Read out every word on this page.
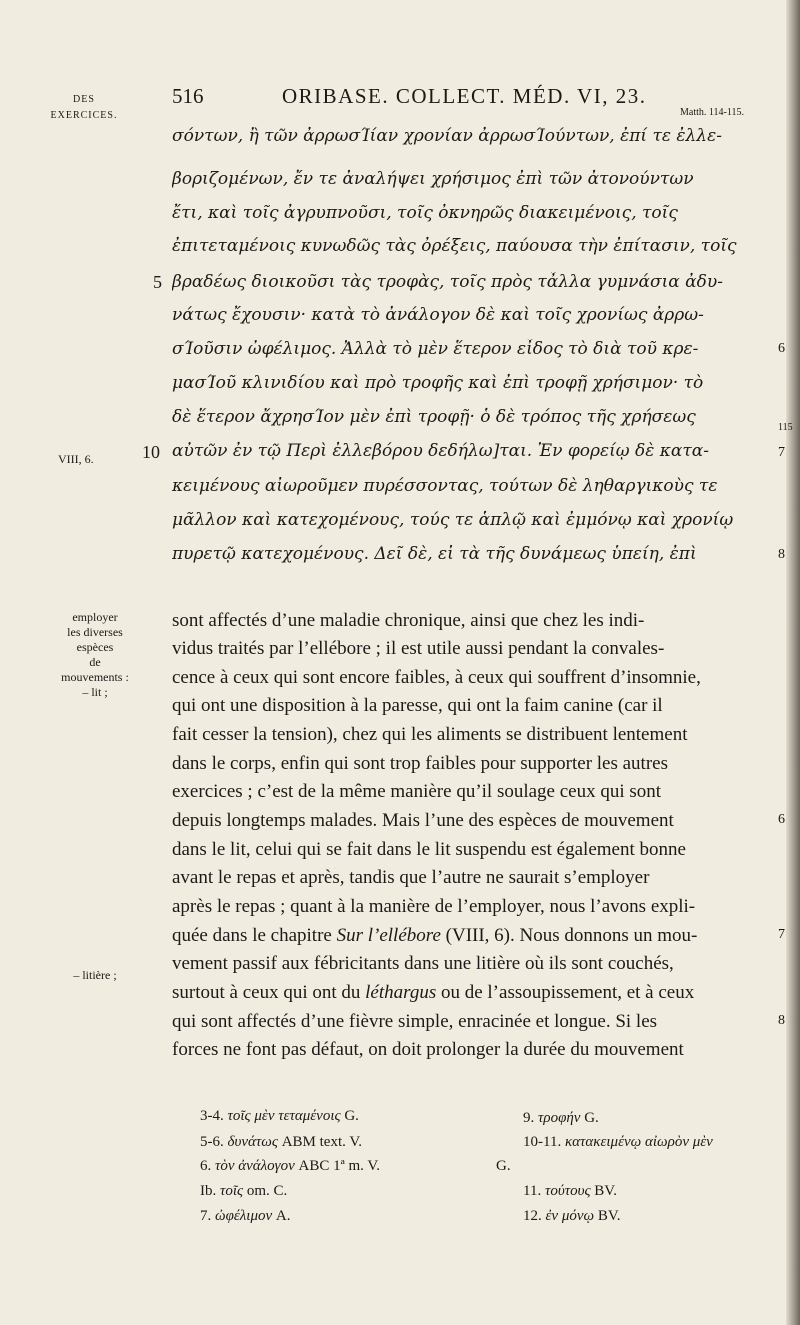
DES
EXERCICES.
516	ORIBASE. COLLECT. MÉD. VI, 23.
Matth. 114-115.
σόντων, ἢ τῶν ἀρρωσΊίαν χρονίαν ἀρρωσΊούντων, ἐπί τε ἐλλε-
βοριζομένων, ἔν τε ἀναλήψει χρήσιμος ἐπὶ τῶν ἀτονούντων
ἔτι, καὶ τοῖς ἀγρυπνοῦσι, τοῖς ὀκνηρῶς διακειμένοις, τοῖς
ἐπιτεταμένοις κυνωδῶς τὰς ὀρέξεις, παύουσα τὴν ἐπίτασιν, τοῖς
βραδέως διοικοῦσι τὰς τροφὰς, τοῖς πρὸς τἆλλα γυμνάσια ἀδυ-
νάτως ἔχουσιν· κατὰ τὸ ἀνάλογον δὲ καὶ τοῖς χρονίως ἀρρω-
σΊοῦσιν ὠφέλιμος. Ἀλλὰ τὸ μὲν ἕτερον εἶδος τὸ διὰ τοῦ κρε-
μασΊοῦ κλινιδίου καὶ πρὸ τροφῆς καὶ ἐπὶ τροφῇ χρήσιμον· τὸ
δὲ ἕτερον ἄχρησΊον μὲν ἐπὶ τροφῇ· ὁ δὲ τρόπος τῆς χρήσεως
αὐτῶν ἐν τῷ Περὶ ἐλλεβόρου δεδήλω]ται. Ἐν φορείῳ δὲ κατα-
κειμένους αἰωροῦμεν πυρέσσοντας, τούτων δὲ ληθαργικοὺς τε
μᾶλλον καὶ κατεχομένους, τούς τε ἁπλῷ καὶ ἐμμόνῳ καὶ χρονίῳ
πυρετῷ κατεχομένους. Δεῖ δὲ, εἰ τὰ τῆς δυνάμεως ὑπείη, ἐπὶ
5
10
VIII, 6.
6
115
7
8
employer
les diverses
espèces
de
mouvements :
– lit ;
– litière ;
sont affectés d’une maladie chronique, ainsi que chez les indi-
vidus traités par l’ellébore ; il est utile aussi pendant la convales-
cence à ceux qui sont encore faibles, à ceux qui souffrent d’insomnie,
qui ont une disposition à la paresse, qui ont la faim canine (car il
fait cesser la tension), chez qui les aliments se distribuent lentement
dans le corps, enfin qui sont trop faibles pour supporter les autres
exercices ; c’est de la même manière qu’il soulage ceux qui sont
depuis longtemps malades. Mais l’une des espèces de mouvement
dans le lit, celui qui se fait dans le lit suspendu est également bonne
avant le repas et après, tandis que l’autre ne saurait s’employer
après le repas ; quant à la manière de l’employer, nous l’avons expli-
quée dans le chapitre Sur l’ellébore (VIII, 6). Nous donnons un mou-
vement passif aux fébricitants dans une litière où ils sont couchés,
surtout à ceux qui ont du léthargus ou de l’assoupissement, et à ceux
qui sont affectés d’une fièvre simple, enracinée et longue. Si les
forces ne font pas défaut, on doit prolonger la durée du mouvement
6
7
8
3-4. τοῖς μὲν τεταμένοις G.
5-6. δυνάτως ABM text. V.
6. τὸν ἀνάλογον ABC 1ª m. V.
Ib. τοῖς om. C.
7. ὠφέλιμον A.
9. τροφήν G.
10-11. κατακειμένῳ αἰωρὸν μὲν
G.
11. τούτους BV.
12. ἐν μόνῳ BV.
